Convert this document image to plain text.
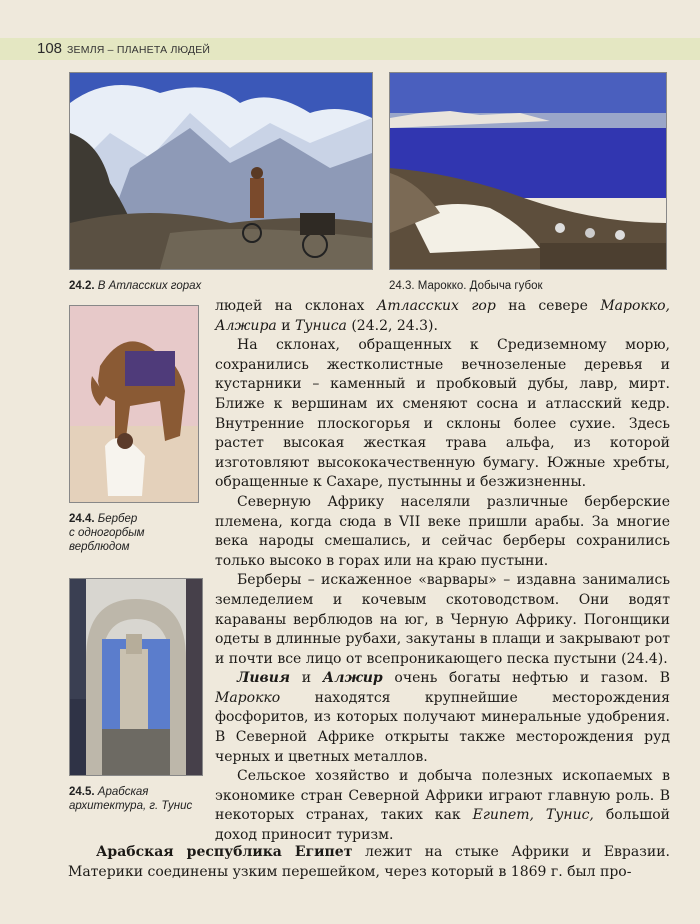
108 ЗЕМЛЯ – ПЛАНЕТА ЛЮДЕЙ
24.2. В Атласских горах	24.3. Марокко. Добыча губок
24.4. Бербер
с одногорбым
верблюдом
24.5. Арабская
архитектура, г. Тунис

людей на склонах Атласских гор на севере Марокко, Алжира и Туниса (24.2, 24.3).

На склонах, обращенных к Средиземному морю, сохранились жестколистные вечнозеленые деревья и кустарники – каменный и пробковый дубы, лавр, мирт. Ближе к вершинам их сменяют сосна и атласский кедр. Внутренние плоскогорья и склоны более сухие. Здесь растет высокая жесткая трава альфа, из которой изготовляют высококачественную бумагу. Южные хребты, обращенные к Сахаре, пустынны и безжизненны.

Северную Африку населяли различные берберские племена, когда сюда в VII веке пришли арабы. За многие века народы смешались, и сейчас берберы сохранились только высоко в горах или на краю пустыни.

Берберы – искаженное «варвары» – издавна занимались земледелием и кочевым скотоводством. Они водят караваны верблюдов на юг, в Черную Африку. Погонщики одеты в длинные рубахи, закутаны в плащи и закрывают рот и почти все лицо от всепроникающего песка пустыни (24.4).

Ливия и Алжир очень богаты нефтью и газом. В Марокко находятся крупнейшие месторождения фосфоритов, из которых получают минеральные удобрения. В Северной Африке открыты также месторождения руд черных и цветных металлов.

Сельское хозяйство и добыча полезных ископаемых в экономике стран Северной Африки играют главную роль. В некоторых странах, таких как Египет, Тунис, большой доход приносит туризм.

Арабская республика Египет лежит на стыке Африки и Евразии. Материки соединены узким перешейком, через который в 1869 г. был про-
